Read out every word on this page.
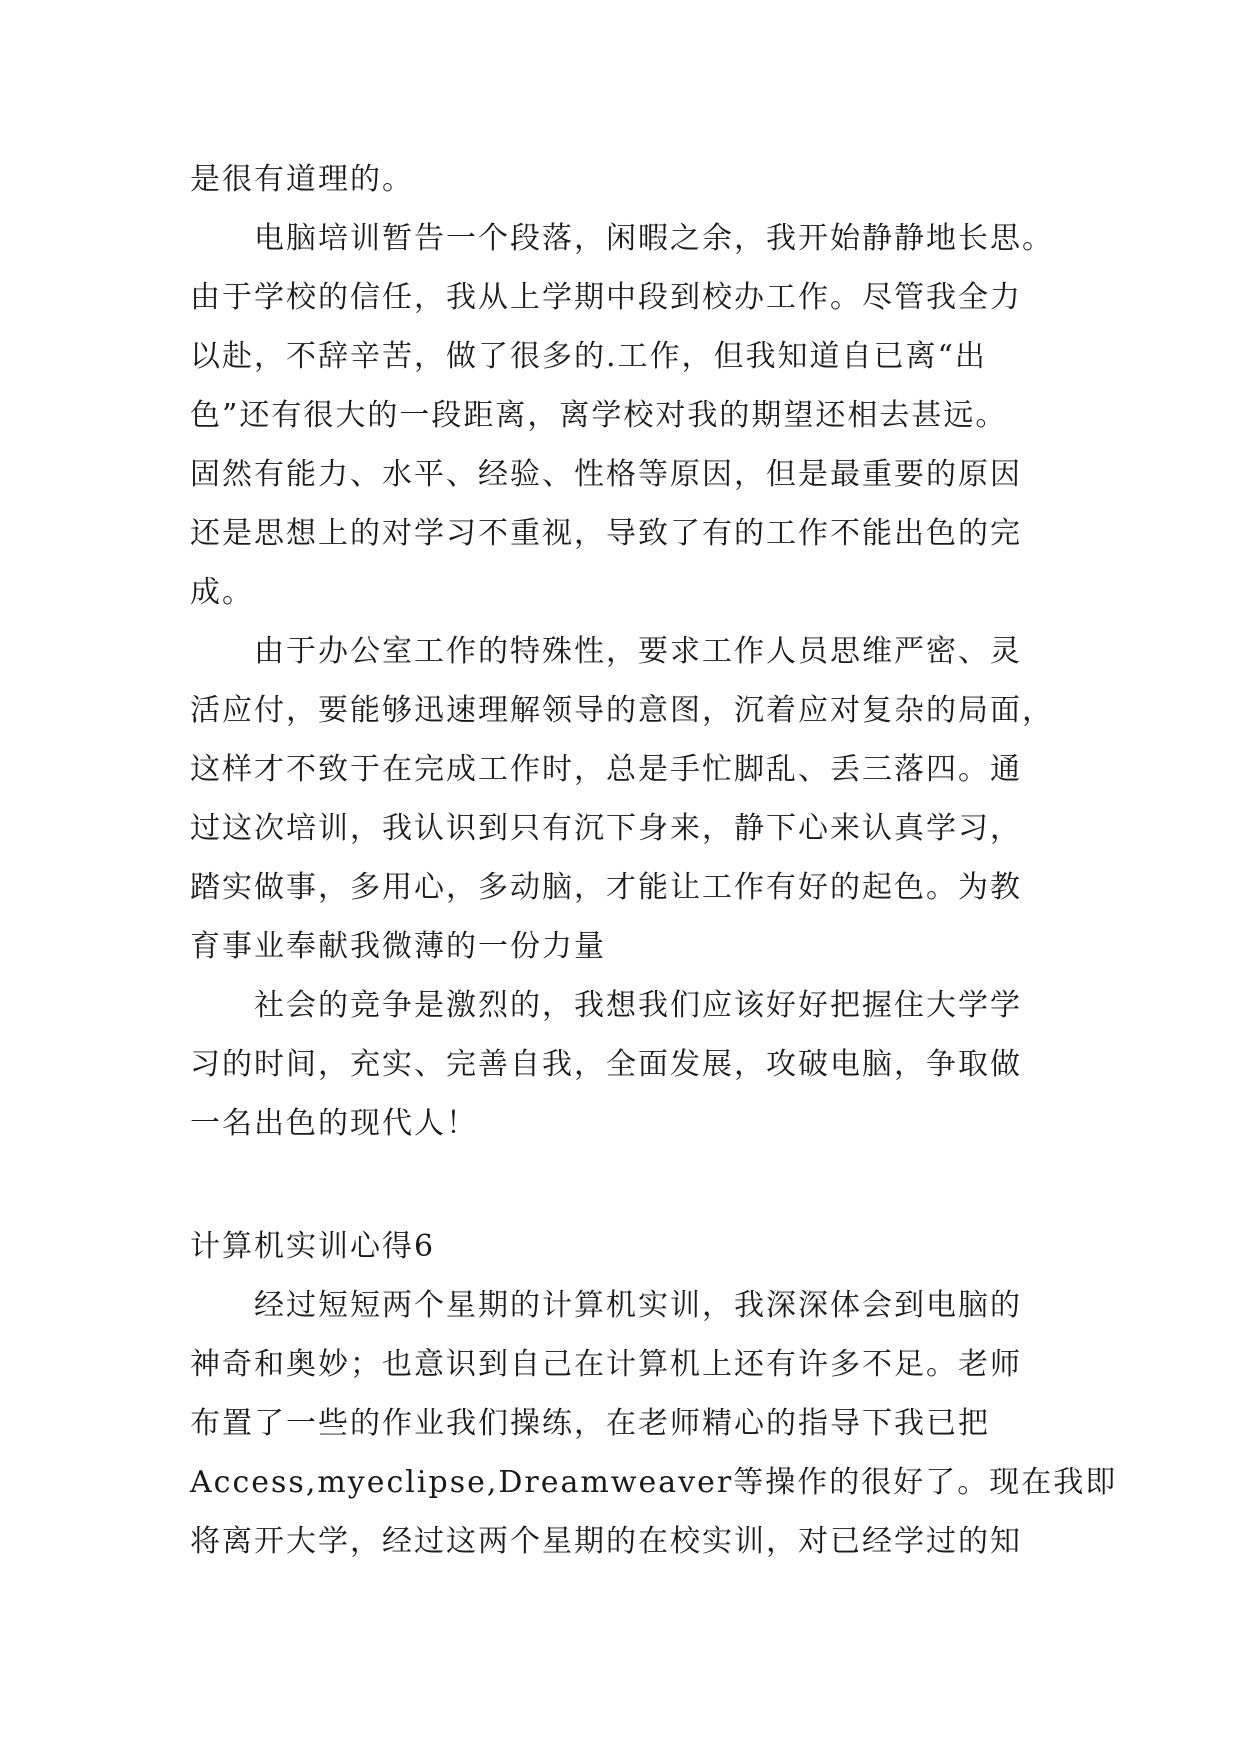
是很有道理的。
电脑培训暂告一个段落，闲暇之余，我开始静静地长思。
由于学校的信任，我从上学期中段到校办工作。尽管我全力
以赴，不辞辛苦，做了很多的.工作，但我知道自已离“出
色”还有很大的一段距离，离学校对我的期望还相去甚远。
固然有能力、水平、经验、性格等原因，但是最重要的原因
还是思想上的对学习不重视，导致了有的工作不能出色的完
成。
由于办公室工作的特殊性，要求工作人员思维严密、灵
活应付，要能够迅速理解领导的意图，沉着应对复杂的局面，
这样才不致于在完成工作时，总是手忙脚乱、丢三落四。通
过这次培训，我认识到只有沉下身来，静下心来认真学习，
踏实做事，多用心，多动脑，才能让工作有好的起色。为教
育事业奉献我微薄的一份力量
社会的竞争是激烈的，我想我们应该好好把握住大学学
习的时间，充实、完善自我，全面发展，攻破电脑，争取做
一名出色的现代人！
计算机实训心得6
经过短短两个星期的计算机实训，我深深体会到电脑的
神奇和奥妙；也意识到自己在计算机上还有许多不足。老师
布置了一些的作业我们操练，在老师精心的指导下我已把
Access,myeclipse,Dreamweaver等操作的很好了。现在我即
将离开大学，经过这两个星期的在校实训，对已经学过的知
